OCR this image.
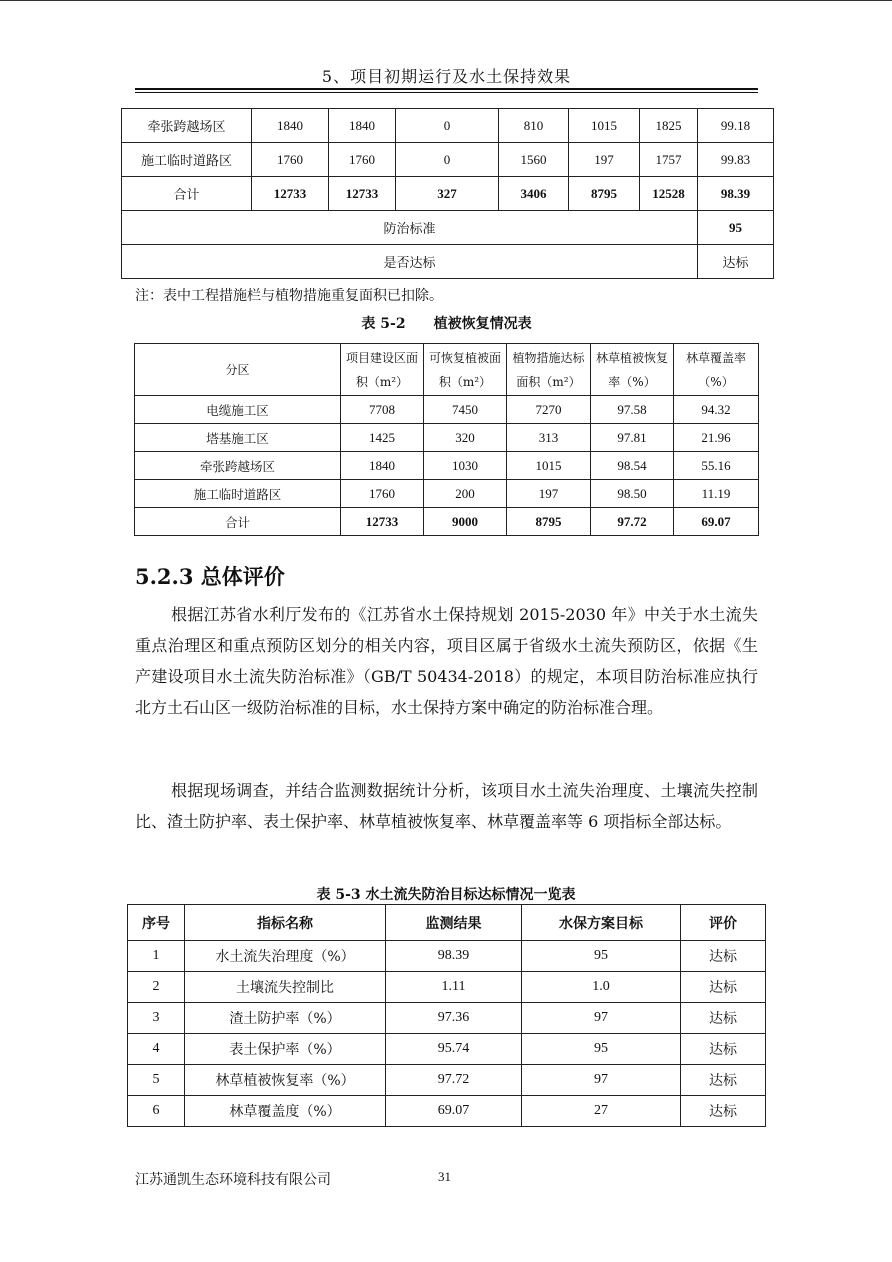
5、项目初期运行及水土保持效果
牵张跨越场区	1840	1840	0	810	1015	1825	99.18
施工临时道路区	1760	1760	0	1560	197	1757	99.83
合计	12733	12733	327	3406	8795	12528	98.39
防治标准							95
是否达标							达标
注：表中工程措施栏与植物措施重复面积已扣除。
表 5-2 植被恢复情况表
分区	项目建设区面积（m²）	可恢复植被面积（m²）	植物措施达标面积（m²）	林草植被恢复率（%）	林草覆盖率（%）
电缆施工区	7708	7450	7270	97.58	94.32
塔基施工区	1425	320	313	97.81	21.96
牵张跨越场区	1840	1030	1015	98.54	55.16
施工临时道路区	1760	200	197	98.50	11.19
合计	12733	9000	8795	97.72	69.07
5.2.3 总体评价
根据江苏省水利厅发布的《江苏省水土保持规划 2015-2030 年》中关于水土流失重点治理区和重点预防区划分的相关内容，项目区属于省级水土流失预防区，依据《生产建设项目水土流失防治标准》（GB/T 50434-2018）的规定，本项目防治标准应执行北方土石山区一级防治标准的目标，水土保持方案中确定的防治标准合理。
根据现场调查，并结合监测数据统计分析，该项目水土流失治理度、土壤流失控制比、渣土防护率、表土保护率、林草植被恢复率、林草覆盖率等 6 项指标全部达标。
表 5-3 水土流失防治目标达标情况一览表
序号	指标名称	监测结果	水保方案目标	评价
1	水土流失治理度（%）	98.39	95	达标
2	土壤流失控制比	1.11	1.0	达标
3	渣土防护率（%）	97.36	97	达标
4	表土保护率（%）	95.74	95	达标
5	林草植被恢复率（%）	97.72	97	达标
6	林草覆盖度（%）	69.07	27	达标
江苏通凯生态环境科技有限公司	31
